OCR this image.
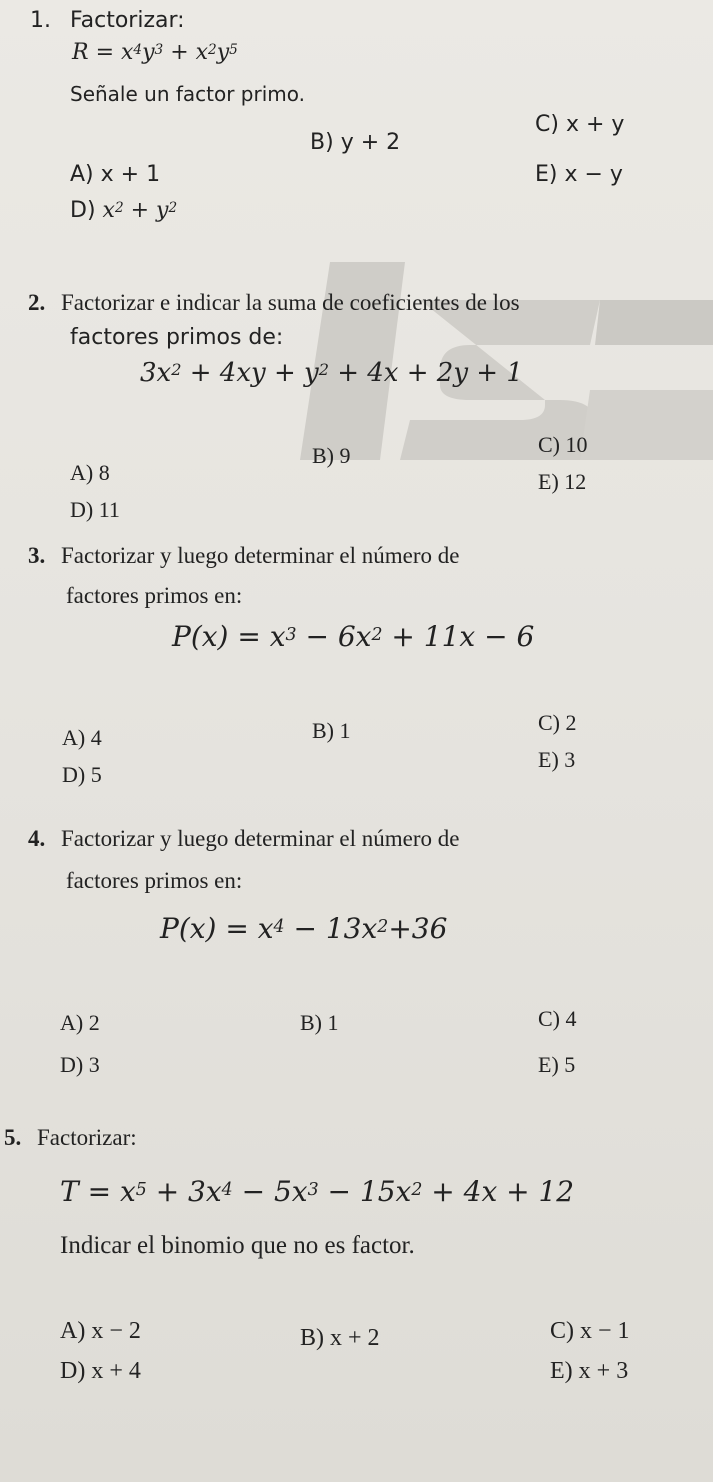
1. Factorizar:
$R = x^4y^3 + x^2y^5$
Señale un factor primo.
B) y + 2
C) x + y
A) x + 1	E) x − y
D) $x^2 + y^2$
2. Factorizar e indicar la suma de coeficientes de los
factores primos de:
$3x^2 + 4xy + y^2 + 4x + 2y + 1$
B) 9	C) 10
A) 8	E) 12
D) 11
3. Factorizar y luego determinar el número de
factores primos en:
$P(x) = x^3 - 6x^2 + 11x - 6$
B) 1	C) 2
A) 4
E) 3
D) 5
4. Factorizar y luego determinar el número de
factores primos en:
$P(x) = x^4 - 13x^2+36$
A) 2	B) 1	C) 4
D) 3	E) 5
5. Factorizar:
$T = x^5 + 3x^4 - 5x^3 - 15x^2 + 4x + 12$
Indicar el binomio que no es factor.
A) x − 2	B) x + 2	C) x − 1
D) x + 4	E) x + 3
